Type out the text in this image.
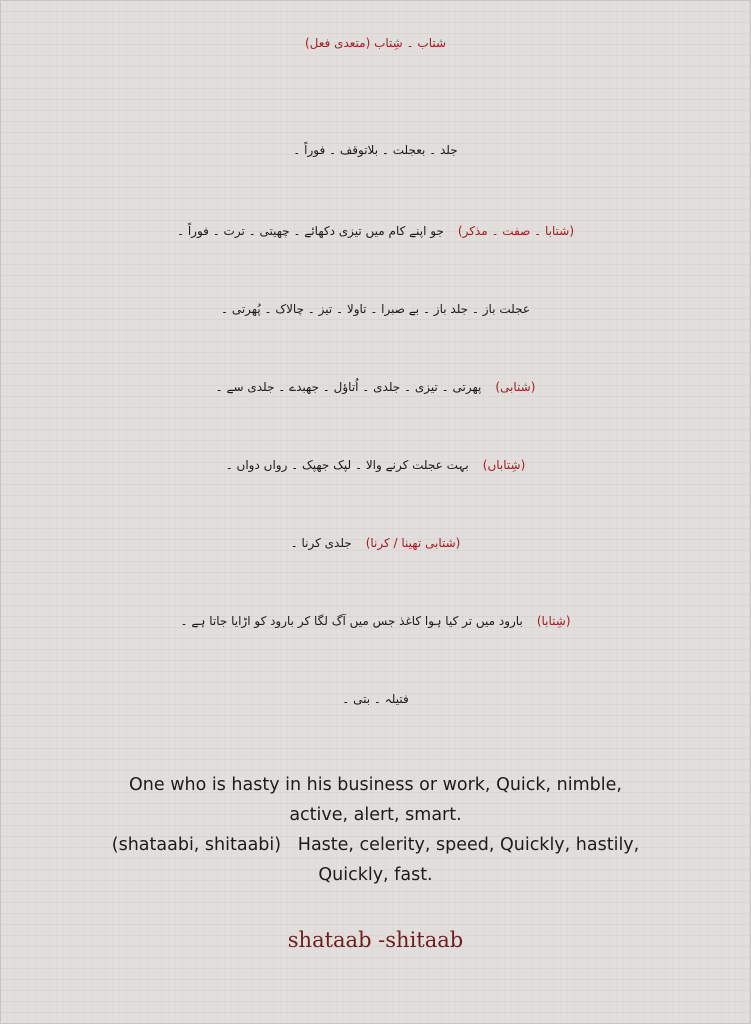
شتاب ۔ شِتاب (متعدی فعل)
جلد ۔ بعجلت ۔ بلاتوقف ۔ فوراً ۔
(شتابا ۔ صفت ۔ مذکر)جو اپنے کام میں تیزی دکھائے ۔ چھیتی ۔ ترت ۔ فوراً ۔
عجلت باز ۔ جلد باز ۔ بے صبرا ۔ تاولا ۔ تیز ۔ چالاک ۔ پُھرتی ۔
(شتابی)پھرتی ۔ تیزی ۔ جلدی ۔ اُتاؤل ۔ جھبدے ۔ جلدی سے ۔
(شِتاباں)بہت عجلت کرنے والا ۔ لپک جھپک ۔ رواں دواں ۔
(شتابی تھینا / کرنا)جلدی کرنا ۔
(شِتابا)بارود میں تر کیا ہوا کاغذ جس میں آگ لگا کر بارود کو اڑایا جاتا ہے ۔
فتیلہ ۔ بتی ۔
One who is hasty in his business or work, Quick, nimble,
active, alert, smart.
(shataabi, shitaabi)   Haste, celerity, speed, Quickly, hastily,
Quickly, fast.
shataab -shitaab
